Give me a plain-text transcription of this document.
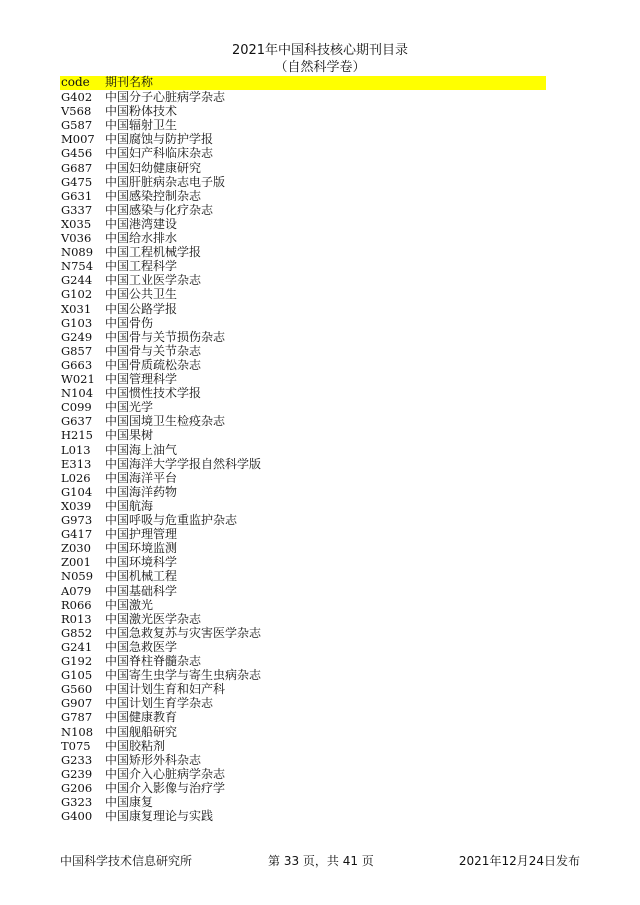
2021年中国科技核心期刊目录
（自然科学卷）
code 期刊名称
G402 中国分子心脏病学杂志
V568 中国粉体技术
G587 中国辐射卫生
M007 中国腐蚀与防护学报
G456 中国妇产科临床杂志
G687 中国妇幼健康研究
G475 中国肝脏病杂志电子版
G631 中国感染控制杂志
G337 中国感染与化疗杂志
X035 中国港湾建设
V036 中国给水排水
N089 中国工程机械学报
N754 中国工程科学
G244 中国工业医学杂志
G102 中国公共卫生
X031 中国公路学报
G103 中国骨伤
G249 中国骨与关节损伤杂志
G857 中国骨与关节杂志
G663 中国骨质疏松杂志
W021 中国管理科学
N104 中国惯性技术学报
C099 中国光学
G637 中国国境卫生检疫杂志
H215 中国果树
L013 中国海上油气
E313 中国海洋大学学报自然科学版
L026 中国海洋平台
G104 中国海洋药物
X039 中国航海
G973 中国呼吸与危重监护杂志
G417 中国护理管理
Z030 中国环境监测
Z001 中国环境科学
N059 中国机械工程
A079 中国基础科学
R066 中国激光
R013 中国激光医学杂志
G852 中国急救复苏与灾害医学杂志
G241 中国急救医学
G192 中国脊柱脊髓杂志
G105 中国寄生虫学与寄生虫病杂志
G560 中国计划生育和妇产科
G907 中国计划生育学杂志
G787 中国健康教育
N108 中国舰船研究
T075 中国胶粘剂
G233 中国矫形外科杂志
G239 中国介入心脏病学杂志
G206 中国介入影像与治疗学
G323 中国康复
G400 中国康复理论与实践
中国科学技术信息研究所	第 33 页，共 41 页	2021年12月24日发布
